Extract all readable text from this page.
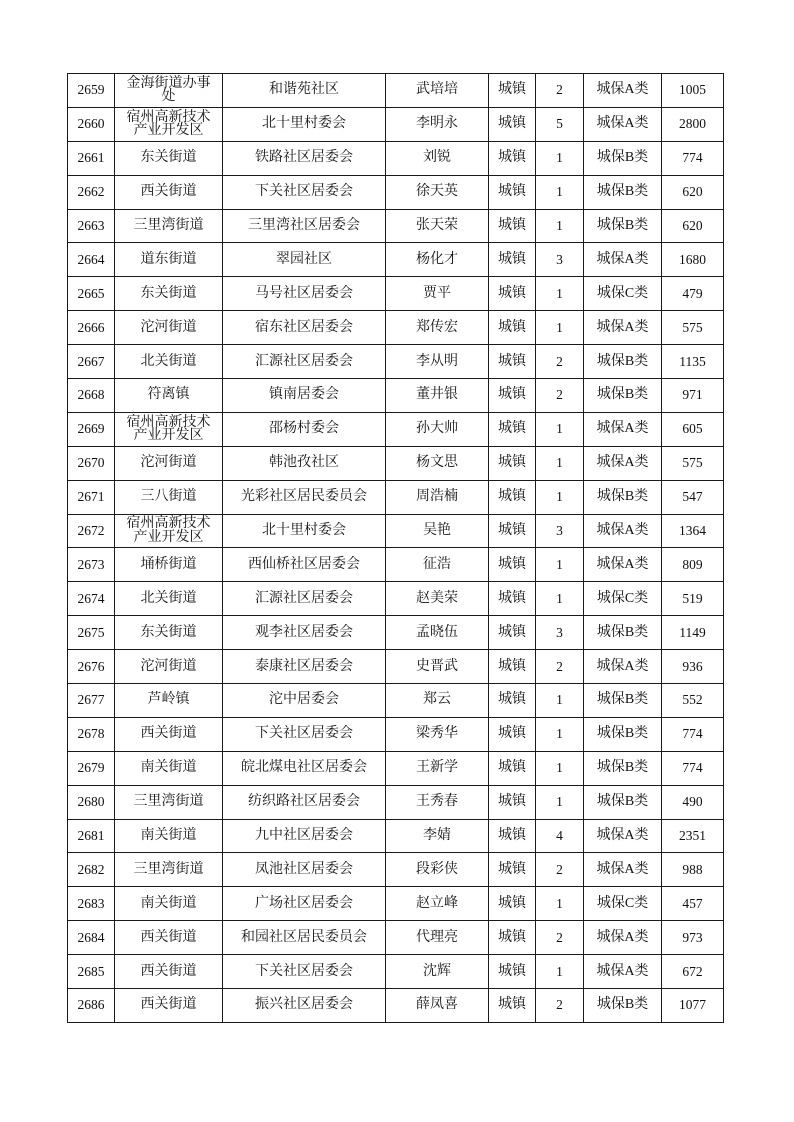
2659	金海街道办事处	和谐苑社区	武培培	城镇	2	城保A类	1005
2660	宿州高新技术产业开发区	北十里村委会	李明永	城镇	5	城保A类	2800
2661	东关街道	铁路社区居委会	刘锐	城镇	1	城保B类	774
2662	西关街道	下关社区居委会	徐天英	城镇	1	城保B类	620
2663	三里湾街道	三里湾社区居委会	张天荣	城镇	1	城保B类	620
2664	道东街道	翠园社区	杨化才	城镇	3	城保A类	1680
2665	东关街道	马号社区居委会	贾平	城镇	1	城保C类	479
2666	沱河街道	宿东社区居委会	郑传宏	城镇	1	城保A类	575
2667	北关街道	汇源社区居委会	李从明	城镇	2	城保B类	1135
2668	符离镇	镇南居委会	董井银	城镇	2	城保B类	971
2669	宿州高新技术产业开发区	邵杨村委会	孙大帅	城镇	1	城保A类	605
2670	沱河街道	韩池孜社区	杨文思	城镇	1	城保A类	575
2671	三八街道	光彩社区居民委员会	周浩楠	城镇	1	城保B类	547
2672	宿州高新技术产业开发区	北十里村委会	吴艳	城镇	3	城保A类	1364
2673	埇桥街道	西仙桥社区居委会	征浩	城镇	1	城保A类	809
2674	北关街道	汇源社区居委会	赵美荣	城镇	1	城保C类	519
2675	东关街道	观李社区居委会	孟晓伍	城镇	3	城保B类	1149
2676	沱河街道	泰康社区居委会	史晋武	城镇	2	城保A类	936
2677	芦岭镇	沱中居委会	郑云	城镇	1	城保B类	552
2678	西关街道	下关社区居委会	梁秀华	城镇	1	城保B类	774
2679	南关街道	皖北煤电社区居委会	王新学	城镇	1	城保B类	774
2680	三里湾街道	纺织路社区居委会	王秀春	城镇	1	城保B类	490
2681	南关街道	九中社区居委会	李婧	城镇	4	城保A类	2351
2682	三里湾街道	凤池社区居委会	段彩侠	城镇	2	城保A类	988
2683	南关街道	广场社区居委会	赵立峰	城镇	1	城保C类	457
2684	西关街道	和园社区居民委员会	代理亮	城镇	2	城保A类	973
2685	西关街道	下关社区居委会	沈辉	城镇	1	城保A类	672
2686	西关街道	振兴社区居委会	薛凤喜	城镇	2	城保B类	1077
